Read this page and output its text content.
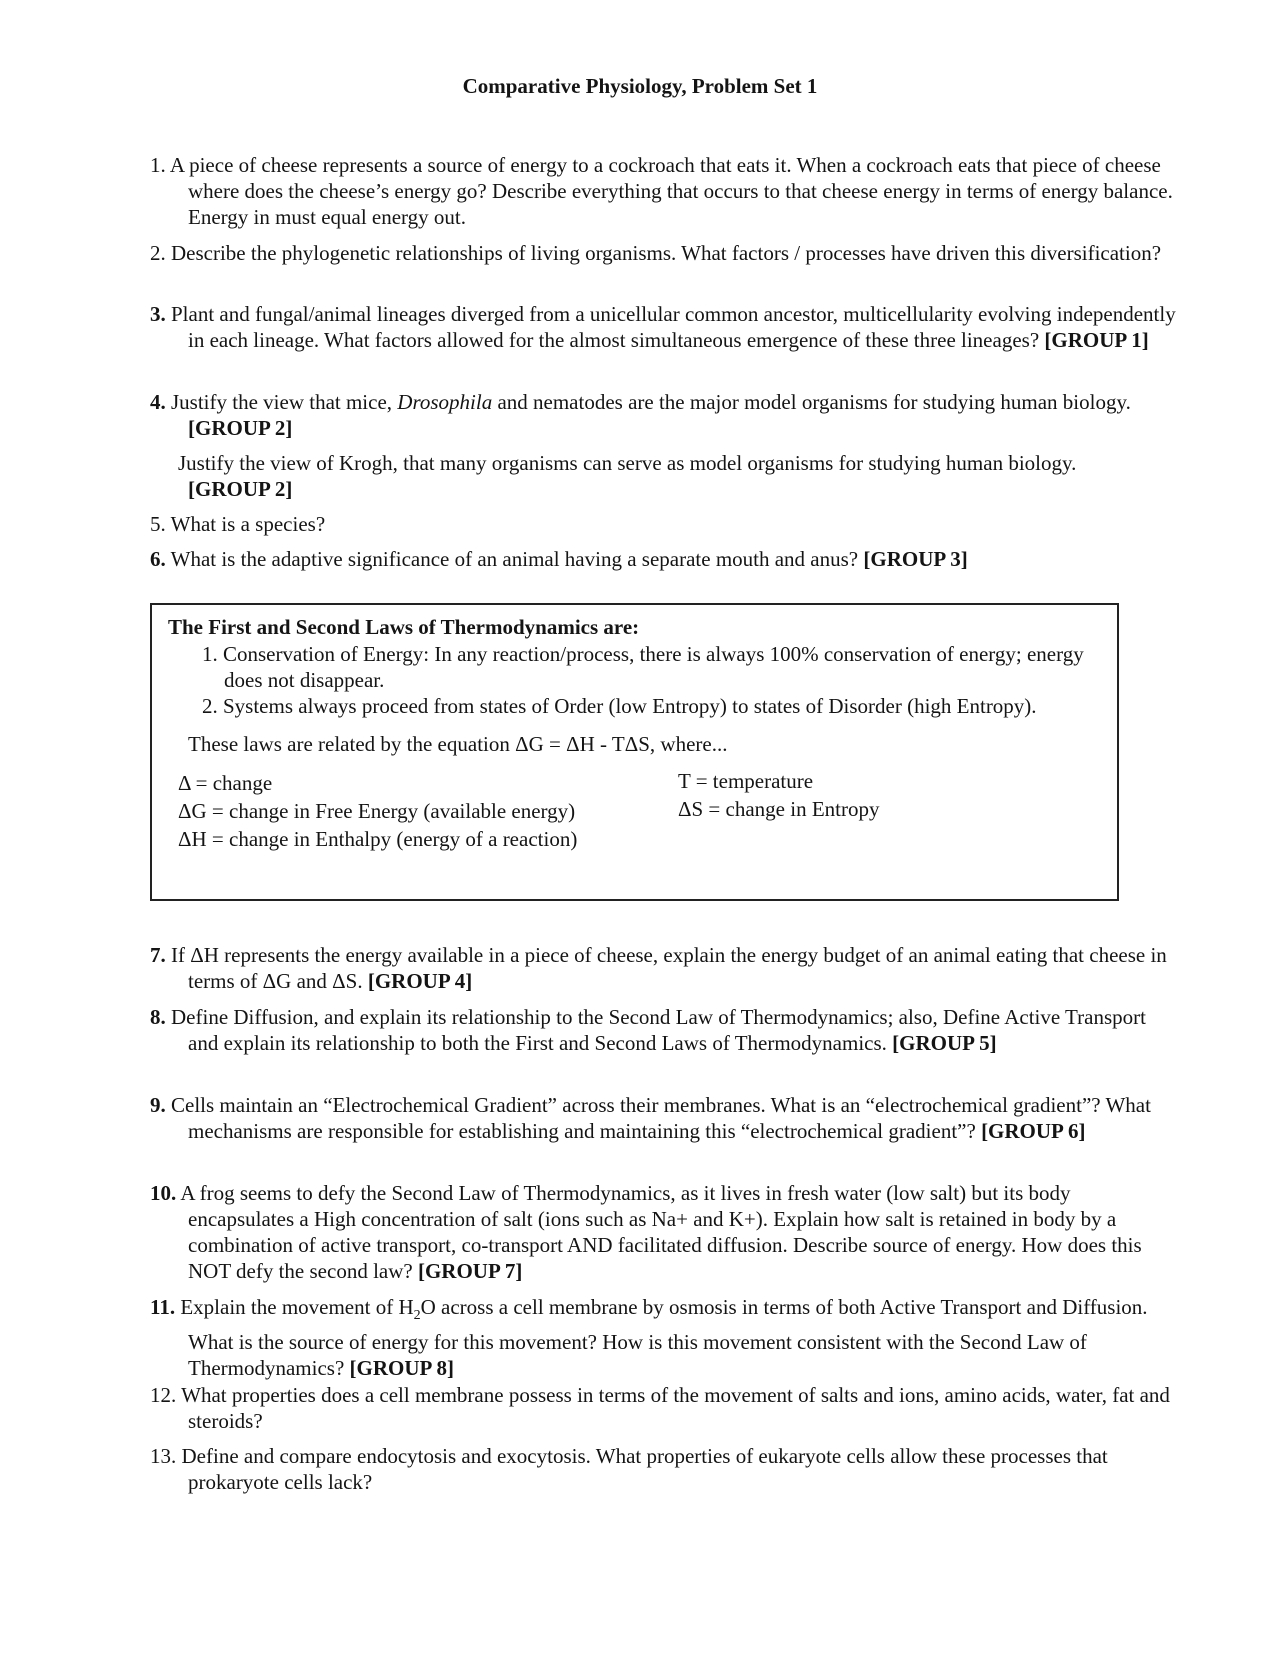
Comparative Physiology, Problem Set 1
1. A piece of cheese represents a source of energy to a cockroach that eats it. When a cockroach eats that piece of cheese where does the cheese’s energy go? Describe everything that occurs to that cheese energy in terms of energy balance. Energy in must equal energy out.
2. Describe the phylogenetic relationships of living organisms. What factors / processes have driven this diversification?
3. Plant and fungal/animal lineages diverged from a unicellular common ancestor, multicellularity evolving independently in each lineage. What factors allowed for the almost simultaneous emergence of these three lineages? [GROUP 1]
4. Justify the view that mice, Drosophila and nematodes are the major model organisms for studying human biology. [GROUP 2]
Justify the view of Krogh, that many organisms can serve as model organisms for studying human biology. [GROUP 2]
5. What is a species?
6. What is the adaptive significance of an animal having a separate mouth and anus? [GROUP 3]
The First and Second Laws of Thermodynamics are:
1. Conservation of Energy: In any reaction/process, there is always 100% conservation of energy; energy does not disappear.
2. Systems always proceed from states of Order (low Entropy) to states of Disorder (high Entropy).
These laws are related by the equation ΔG = ΔH - TΔS, where...
Δ = change
ΔG = change in Free Energy (available energy)
ΔH = change in Enthalpy (energy of a reaction)
T = temperature
ΔS = change in Entropy
7. If ΔH represents the energy available in a piece of cheese, explain the energy budget of an animal eating that cheese in terms of ΔG and ΔS. [GROUP 4]
8. Define Diffusion, and explain its relationship to the Second Law of Thermodynamics; also, Define Active Transport and explain its relationship to both the First and Second Laws of Thermodynamics. [GROUP 5]
9. Cells maintain an “Electrochemical Gradient” across their membranes. What is an “electrochemical gradient”? What mechanisms are responsible for establishing and maintaining this “electrochemical gradient”? [GROUP 6]
10. A frog seems to defy the Second Law of Thermodynamics, as it lives in fresh water (low salt) but its body encapsulates a High concentration of salt (ions such as Na+ and K+). Explain how salt is retained in body by a combination of active transport, co-transport AND facilitated diffusion. Describe source of energy. How does this NOT defy the second law? [GROUP 7]
11. Explain the movement of $H_2O$ across a cell membrane by osmosis in terms of both Active Transport and Diffusion. What is the source of energy for this movement? How is this movement consistent with the Second Law of Thermodynamics? [GROUP 8]
12. What properties does a cell membrane possess in terms of the movement of salts and ions, amino acids, water, fat and steroids?
13. Define and compare endocytosis and exocytosis. What properties of eukaryote cells allow these processes that prokaryote cells lack?
